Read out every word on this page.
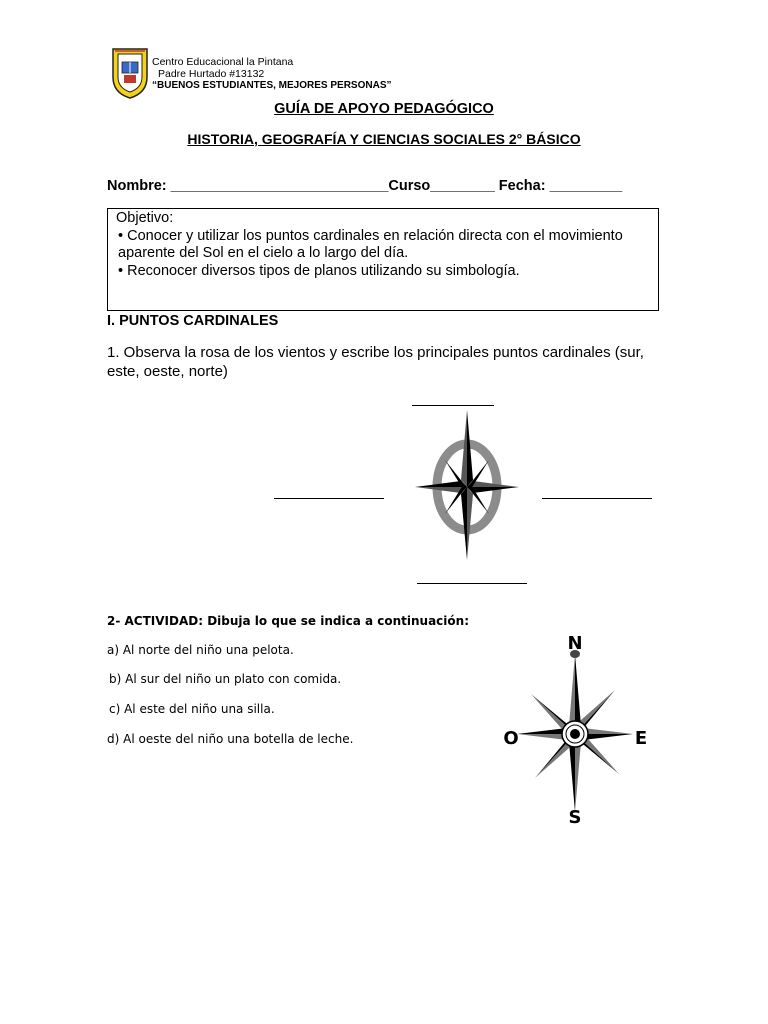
Centro Educacional la Pintana
Padre Hurtado #13132
“BUENOS ESTUDIANTES, MEJORES PERSONAS”
GUÍA DE APOYO PEDAGÓGICO
HISTORIA, GEOGRAFÍA Y CIENCIAS SOCIALES 2° BÁSICO
Nombre: ___________________________Curso________ Fecha: _________
Objetivo:
• Conocer y utilizar los puntos cardinales en relación directa con el movimiento aparente del Sol en el cielo a lo largo del día.
• Reconocer diversos tipos de planos utilizando su simbología.
I. PUNTOS CARDINALES
1. Observa la rosa de los vientos y escribe los principales puntos cardinales (sur, este, oeste, norte)
2- ACTIVIDAD: Dibuja lo que se indica a continuación:
a) Al norte del niño una pelota.
b) Al sur del niño un plato con comida.
c) Al este del niño una silla.
d) Al oeste del niño una botella de leche.
N
S
E
O
